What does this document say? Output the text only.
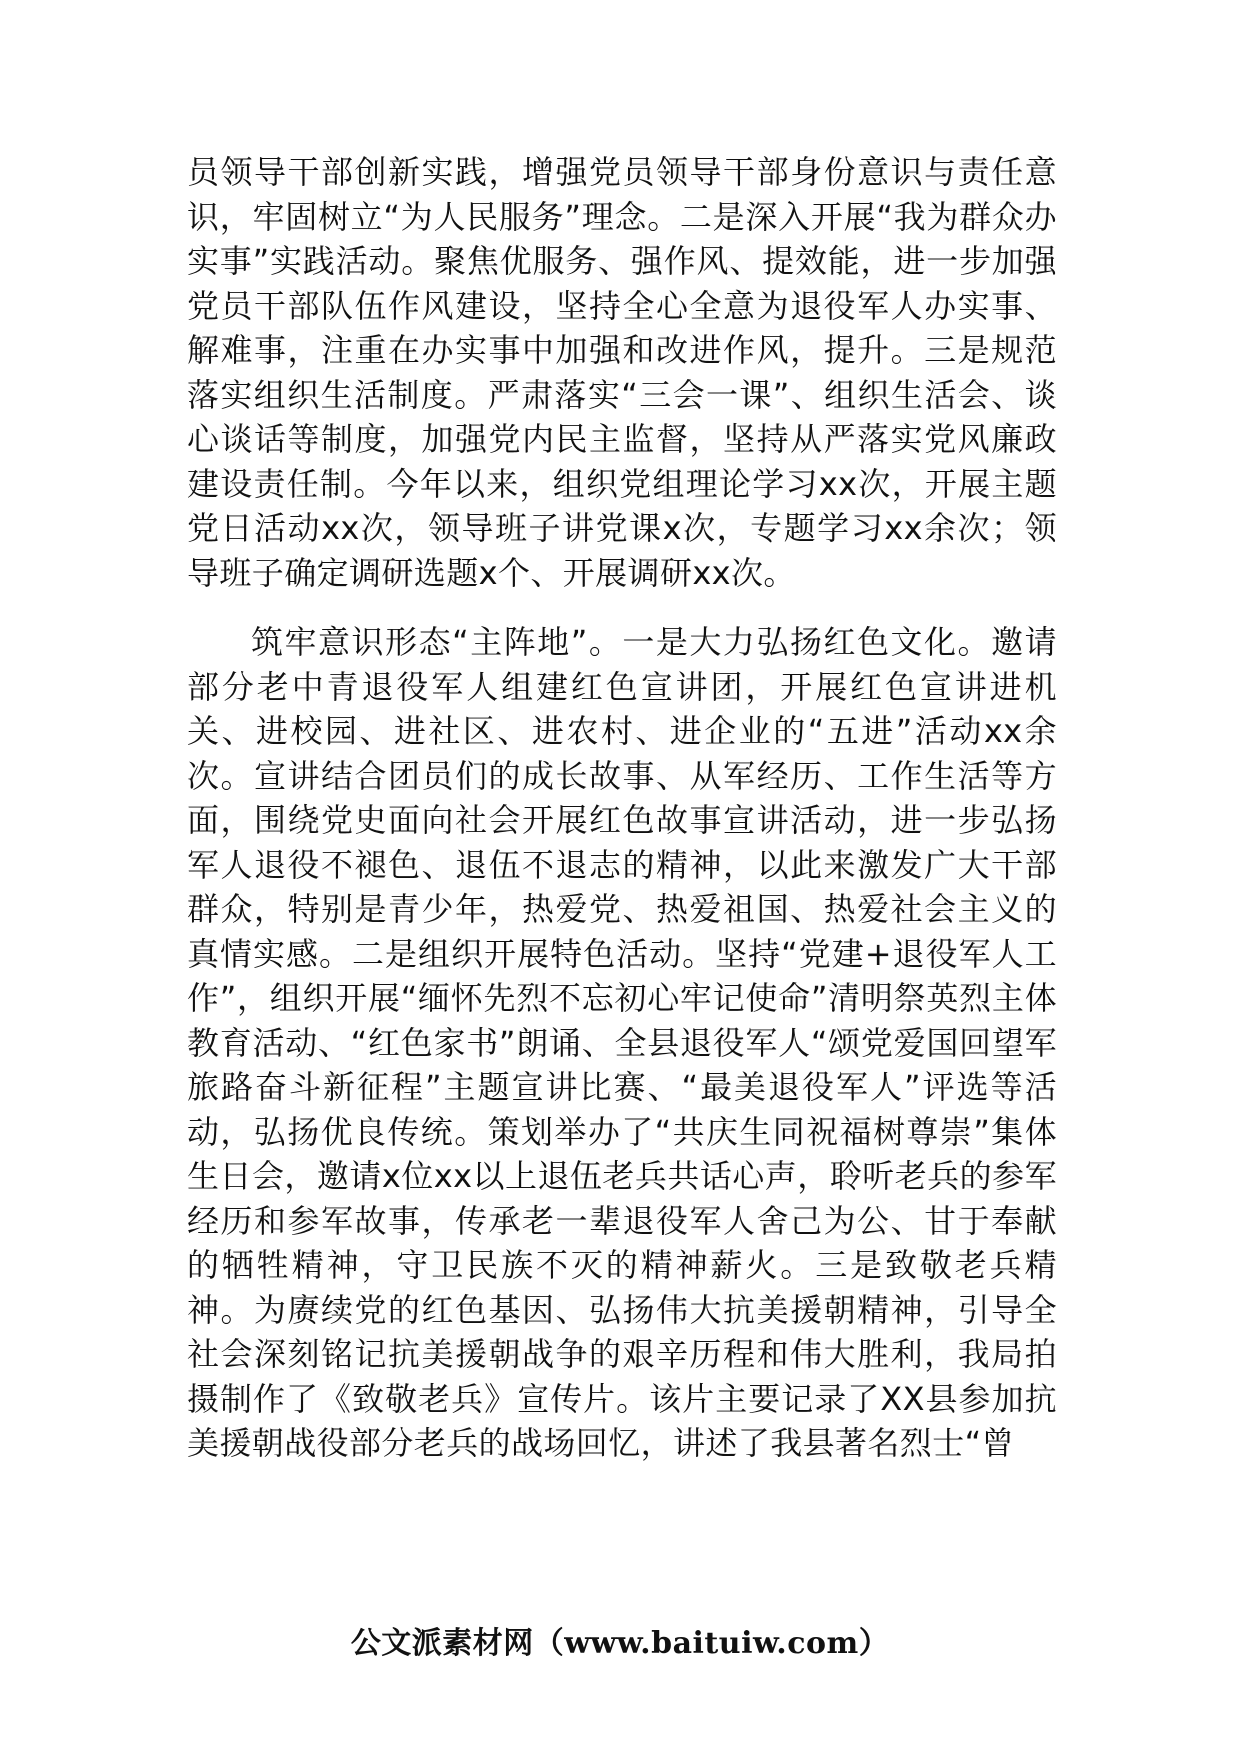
员领导干部创新实践，增强党员领导干部身份意识与责任意识，牢固树立“为人民服务”理念。二是深入开展“我为群众办实事”实践活动。聚焦优服务、强作风、提效能，进一步加强党员干部队伍作风建设，坚持全心全意为退役军人办实事、解难事，注重在办实事中加强和改进作风，提升。三是规范落实组织生活制度。严肃落实“三会一课”、组织生活会、谈心谈话等制度，加强党内民主监督，坚持从严落实党风廉政建设责任制。今年以来，组织党组理论学习xx次，开展主题党日活动xx次，领导班子讲党课x次，专题学习xx余次；领导班子确定调研选题x个、开展调研xx次。

筑牢意识形态“主阵地”。一是大力弘扬红色文化。邀请部分老中青退役军人组建红色宣讲团，开展红色宣讲进机关、进校园、进社区、进农村、进企业的“五进”活动xx余次。宣讲结合团员们的成长故事、从军经历、工作生活等方面，围绕党史面向社会开展红色故事宣讲活动，进一步弘扬军人退役不褪色、退伍不退志的精神，以此来激发广大干部群众，特别是青少年，热爱党、热爱祖国、热爱社会主义的真情实感。二是组织开展特色活动。坚持“党建+退役军人工作”，组织开展“缅怀先烈不忘初心牢记使命”清明祭英烈主体教育活动、“红色家书”朗诵、全县退役军人“颂党爱国回望军旅路奋斗新征程”主题宣讲比赛、“最美退役军人”评选等活动，弘扬优良传统。策划举办了“共庆生同祝福树尊崇”集体生日会，邀请x位xx以上退伍老兵共话心声，聆听老兵的参军经历和参军故事，传承老一辈退役军人舍己为公、甘于奉献的牺牲精神，守卫民族不灭的精神薪火。三是致敬老兵精神。为赓续党的红色基因、弘扬伟大抗美援朝精神，引导全社会深刻铭记抗美援朝战争的艰辛历程和伟大胜利，我局拍摄制作了《致敬老兵》宣传片。该片主要记录了XX县参加抗美援朝战役部分老兵的战场回忆，讲述了我县著名烈士“曾

公文派素材网（www.baituiw.com）
